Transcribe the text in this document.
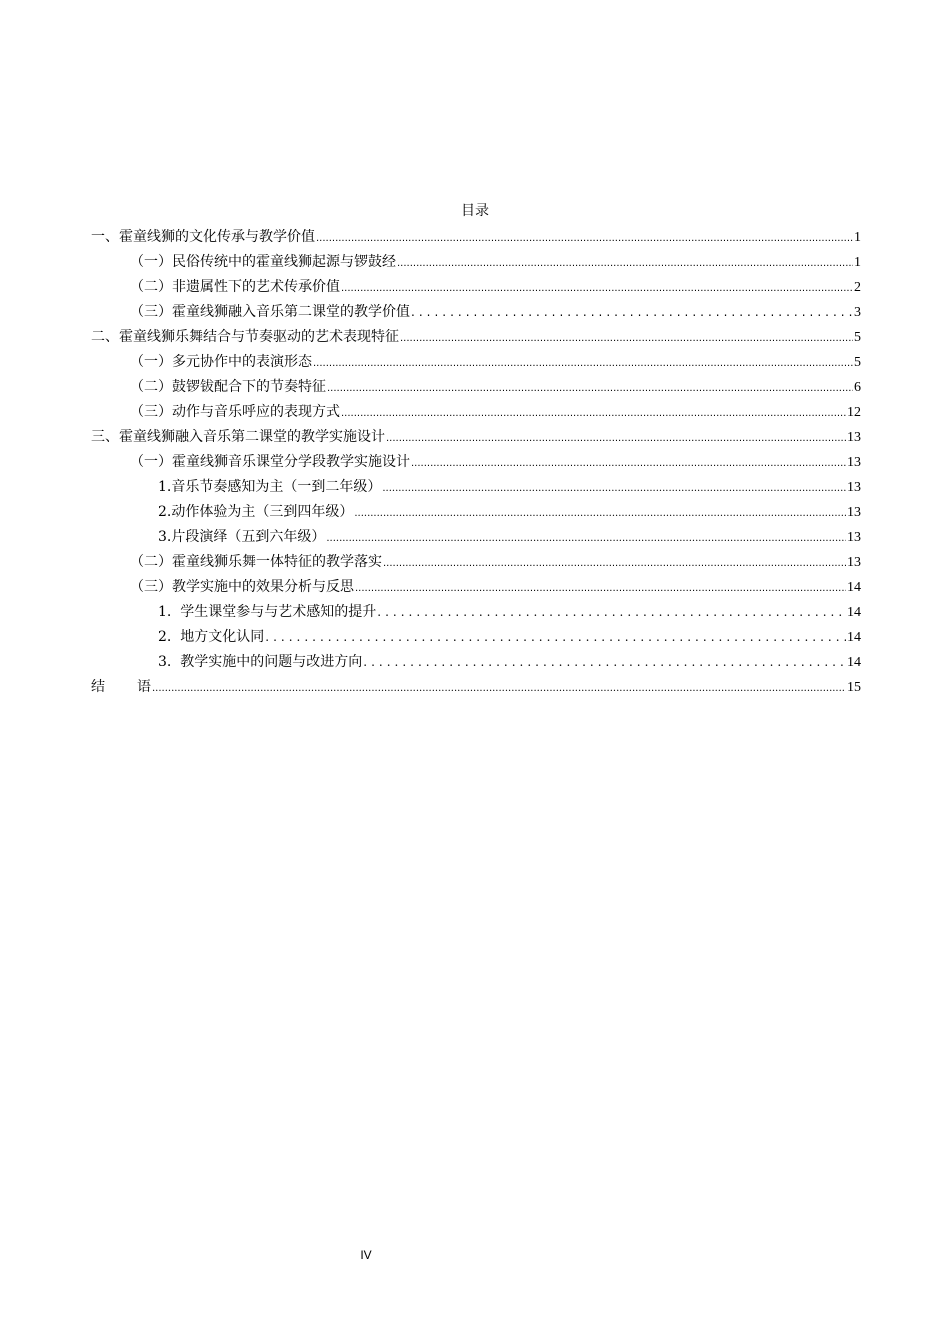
目录
一、霍童线狮的文化传承与教学价值 .....	1
（一）民俗传统中的霍童线狮起源与锣鼓经 .....	1
（二）非遗属性下的艺术传承价值 .....	2
（三）霍童线狮融入音乐第二课堂的教学价值 .....	3
二、霍童线狮乐舞结合与节奏驱动的艺术表现特征 .....	5
（一）多元协作中的表演形态 .....	5
（二）鼓锣钹配合下的节奏特征 .....	6
（三）动作与音乐呼应的表现方式 .....	12
三、霍童线狮融入音乐第二课堂的教学实施设计 .....	13
（一）霍童线狮音乐课堂分学段教学实施设计 .....	13
1.音乐节奏感知为主（一到二年级） .....	13
2.动作体验为主（三到四年级） .....	13
3.片段演绎（五到六年级） .....	13
（二）霍童线狮乐舞一体特征的教学落实 .....	13
（三）教学实施中的效果分析与反思 .....	14
1.  学生课堂参与与艺术感知的提升 .....	14
2.  地方文化认同 .....	14
3.  教学实施中的问题与改进方向 .....	14
结 语 .....	15
IV
